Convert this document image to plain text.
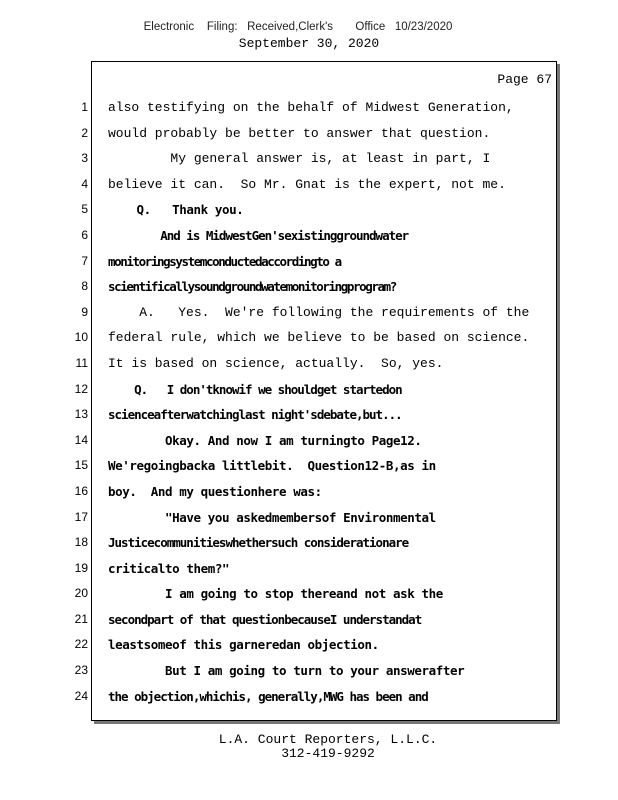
Electronic    Filing:   Received,Clerk's       Office   10/23/2020
September 30, 2020
Page 67
1
2
3
4
5
6
7
8
9
10
11
12
13
14
15
16
17
18
19
20
21
22
23
24
also testifying on the behalf of Midwest Generation,
would probably be better to answer that question.
My general answer is, at least in part, I
believe it can.  So Mr. Gnat is the expert, not me.
Q.   Thank you.
And is MidwestGen'sexistinggroundwater
monitoringsystemconductedaccordingto a
scientificallysoundgroundwatemonitoringprogram?
A.   Yes.  We're following the requirements of the
federal rule, which we believe to be based on science.
It is based on science, actually.  So, yes.
Q.   I don'tknowif we shouldget startedon
scienceafterwatchinglast night'sdebate,but...
Okay. And now I am turningto Page12.
We'regoingbacka littlebit.  Question12-B,as in
boy.  And my questionhere was:
"Have you askedmembersof Environmental
Justicecommunitieswhethersuch considerationare
criticalto them?"
I am going to stop thereand not ask the
secondpart of that questionbecauseI understandat
leastsomeof this garneredan objection.
But I am going to turn to your answerafter
the objection,whichis, generally,MWG has been and
L.A. Court Reporters, L.L.C.
312-419-9292
